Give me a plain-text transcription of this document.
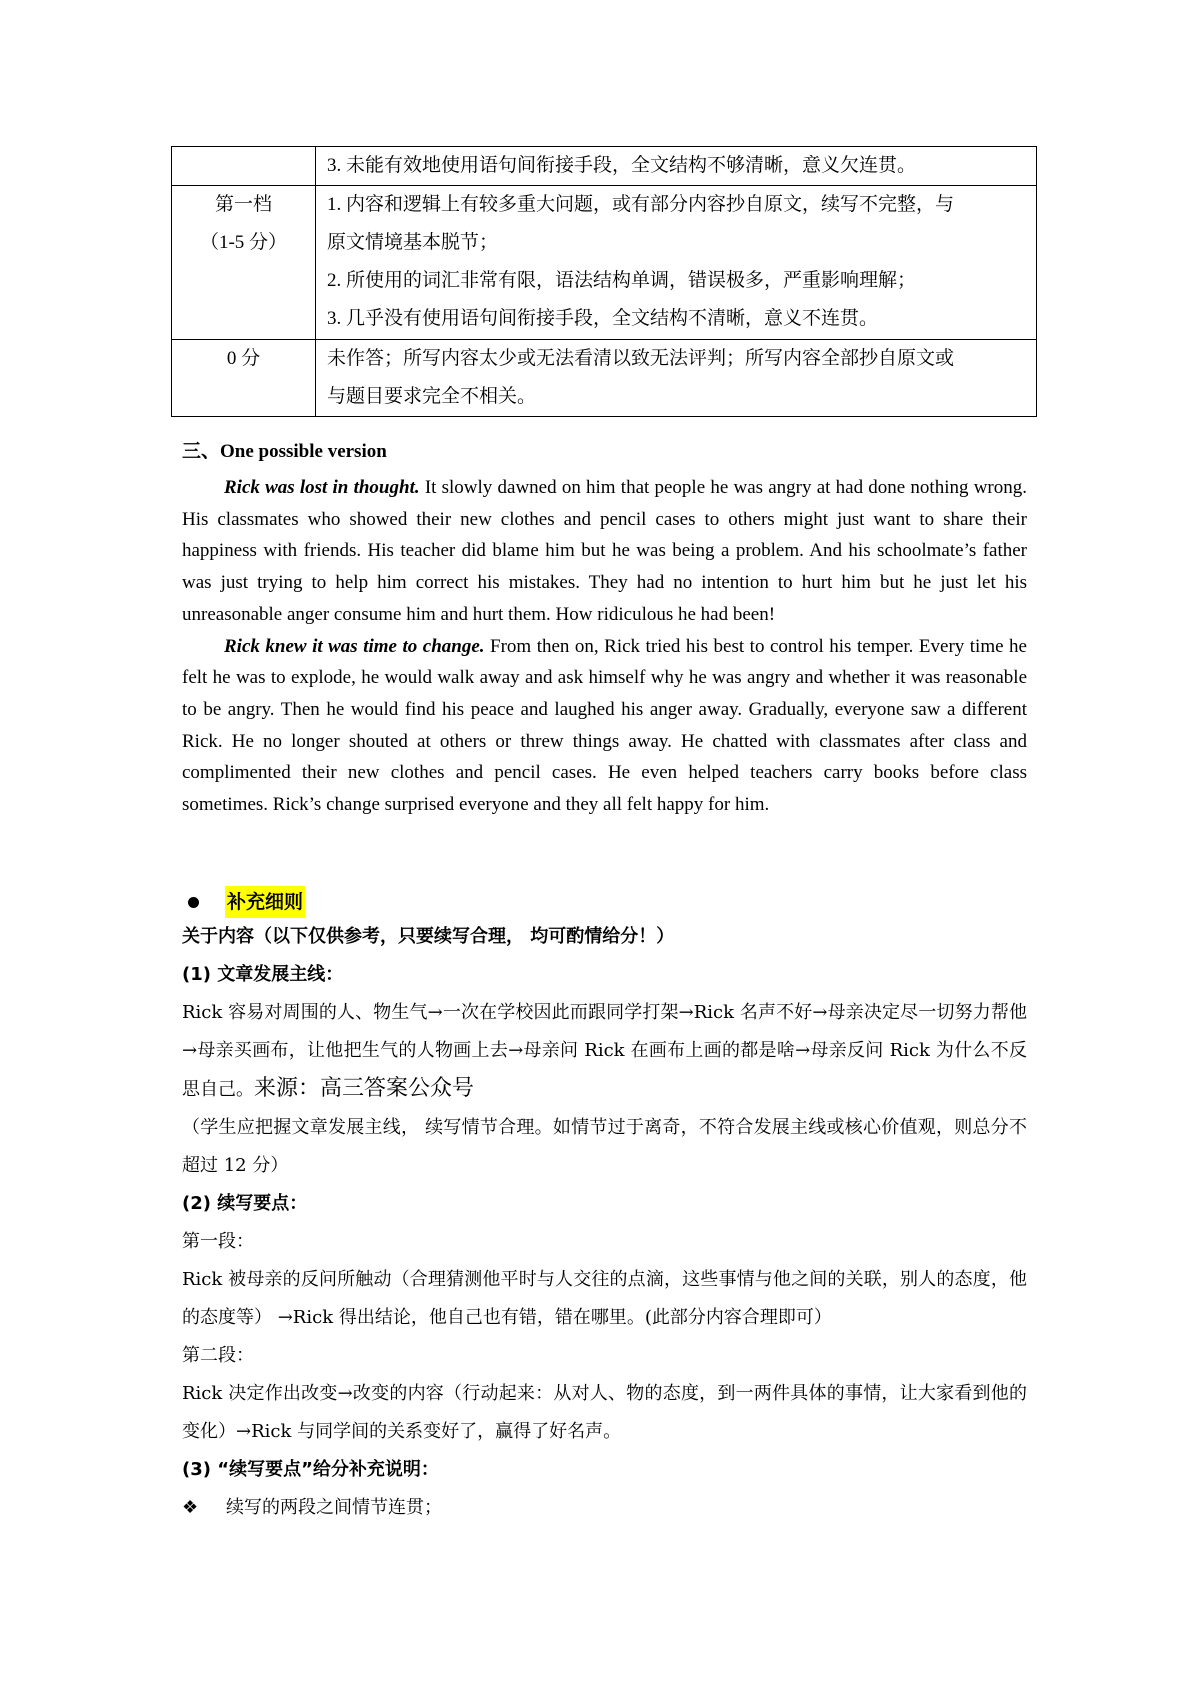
	3. 未能有效地使用语句间衔接手段，全文结构不够清晰，意义欠连贯。

第一档
（1-5 分）	1. 内容和逻辑上有较多重大问题，或有部分内容抄自原文，续写不完整，与
原文情境基本脱节；
2. 所使用的词汇非常有限，语法结构单调，错误极多，严重影响理解；
3. 几乎没有使用语句间衔接手段，全文结构不清晰，意义不连贯。

0 分	未作答；所写内容太少或无法看清以致无法评判；所写内容全部抄自原文或
与题目要求完全不相关。
三、One possible version

Rick was lost in thought. It slowly dawned on him that people he was angry at had done nothing wrong. His classmates who showed their new clothes and pencil cases to others might just want to share their happiness with friends. His teacher did blame him but he was being a problem. And his schoolmate’s father was just trying to help him correct his mistakes. They had no intention to hurt him but he just let his unreasonable anger consume him and hurt them. How ridiculous he had been!

Rick knew it was time to change. From then on, Rick tried his best to control his temper. Every time he felt he was to explode, he would walk away and ask himself why he was angry and whether it was reasonable to be angry. Then he would find his peace and laughed his anger away. Gradually, everyone saw a different Rick. He no longer shouted at others or threw things away. He chatted with classmates after class and complimented their new clothes and pencil cases. He even helped teachers carry books before class sometimes. Rick’s change surprised everyone and they all felt happy for him.

补充细则
关于内容（以下仅供参考，只要续写合理， 均可酌情给分！）
(1) 文章发展主线：

Rick 容易对周围的人、物生气→一次在学校因此而跟同学打架→Rick 名声不好→母亲决定尽一切努力帮他→母亲买画布，让他把生气的人物画上去→母亲问 Rick 在画布上画的都是啥→母亲反问 Rick 为什么不反思自己。来源：高三答案公众号

（学生应把握文章发展主线， 续写情节合理。如情节过于离奇，不符合发展主线或核心价值观，则总分不超过 12 分）

(2) 续写要点：
第一段：

Rick 被母亲的反问所触动（合理猜测他平时与人交往的点滴，这些事情与他之间的关联，别人的态度，他的态度等） →Rick 得出结论，他自己也有错，错在哪里。(此部分内容合理即可）

第二段：

Rick 决定作出改变→改变的内容（行动起来：从对人、物的态度，到一两件具体的事情，让大家看到他的变化）→Rick 与同学间的关系变好了，赢得了好名声。

(3) “续写要点”给分补充说明：
❖	续写的两段之间情节连贯；
